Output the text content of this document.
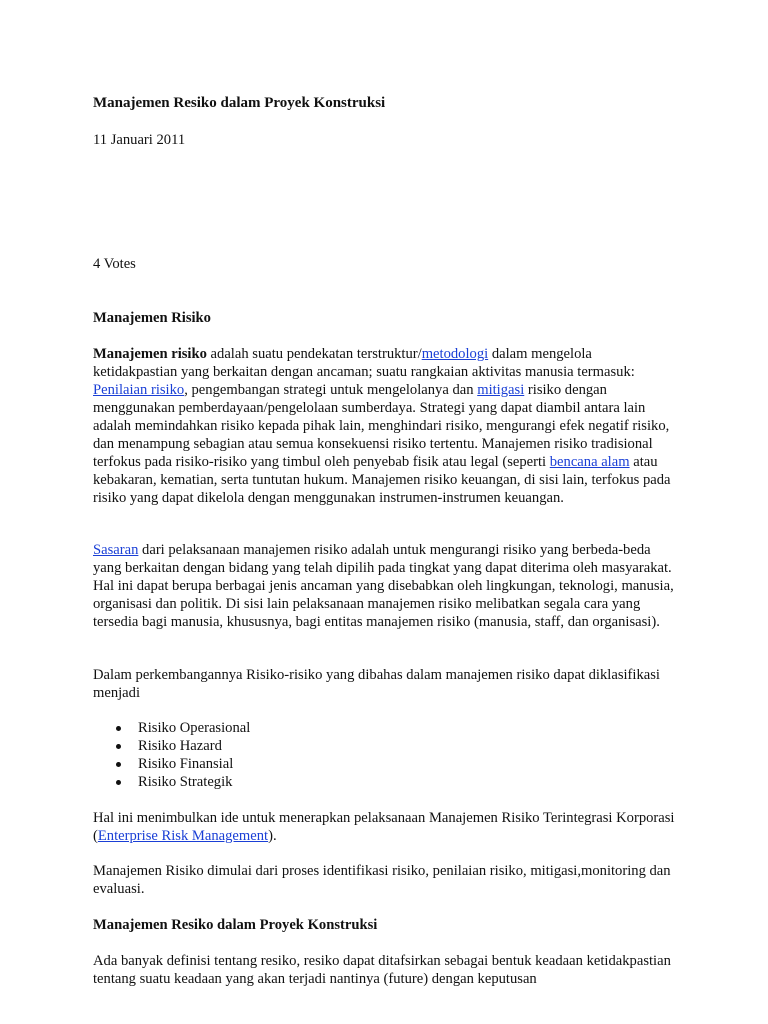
Manajemen Resiko dalam Proyek Konstruksi
11 Januari 2011
4 Votes
Manajemen Risiko

Manajemen risiko adalah suatu pendekatan terstruktur/metodologi dalam mengelola ketidakpastian yang berkaitan dengan ancaman; suatu rangkaian aktivitas manusia termasuk: Penilaian risiko, pengembangan strategi untuk mengelolanya dan mitigasi risiko dengan menggunakan pemberdayaan/pengelolaan sumberdaya. Strategi yang dapat diambil antara lain adalah memindahkan risiko kepada pihak lain, menghindari risiko, mengurangi efek negatif risiko, dan menampung sebagian atau semua konsekuensi risiko tertentu. Manajemen risiko tradisional terfokus pada risiko-risiko yang timbul oleh penyebab fisik atau legal (seperti bencana alam atau kebakaran, kematian, serta tuntutan hukum. Manajemen risiko keuangan, di sisi lain, terfokus pada risiko yang dapat dikelola dengan menggunakan instrumen-instrumen keuangan.

Sasaran dari pelaksanaan manajemen risiko adalah untuk mengurangi risiko yang berbeda-beda yang berkaitan dengan bidang yang telah dipilih pada tingkat yang dapat diterima oleh masyarakat. Hal ini dapat berupa berbagai jenis ancaman yang disebabkan oleh lingkungan, teknologi, manusia, organisasi dan politik. Di sisi lain pelaksanaan manajemen risiko melibatkan segala cara yang tersedia bagi manusia, khususnya, bagi entitas manajemen risiko (manusia, staff, dan organisasi).

Dalam perkembangannya Risiko-risiko yang dibahas dalam manajemen risiko dapat diklasifikasi menjadi

Risiko Operasional
Risiko Hazard
Risiko Finansial
Risiko Strategik

Hal ini menimbulkan ide untuk menerapkan pelaksanaan Manajemen Risiko Terintegrasi Korporasi (Enterprise Risk Management).

Manajemen Risiko dimulai dari proses identifikasi risiko, penilaian risiko, mitigasi,monitoring dan evaluasi.

Manajemen Resiko dalam Proyek Konstruksi

Ada banyak definisi tentang resiko, resiko dapat ditafsirkan sebagai bentuk keadaan ketidakpastian tentang suatu keadaan yang akan terjadi nantinya (future) dengan keputusan
